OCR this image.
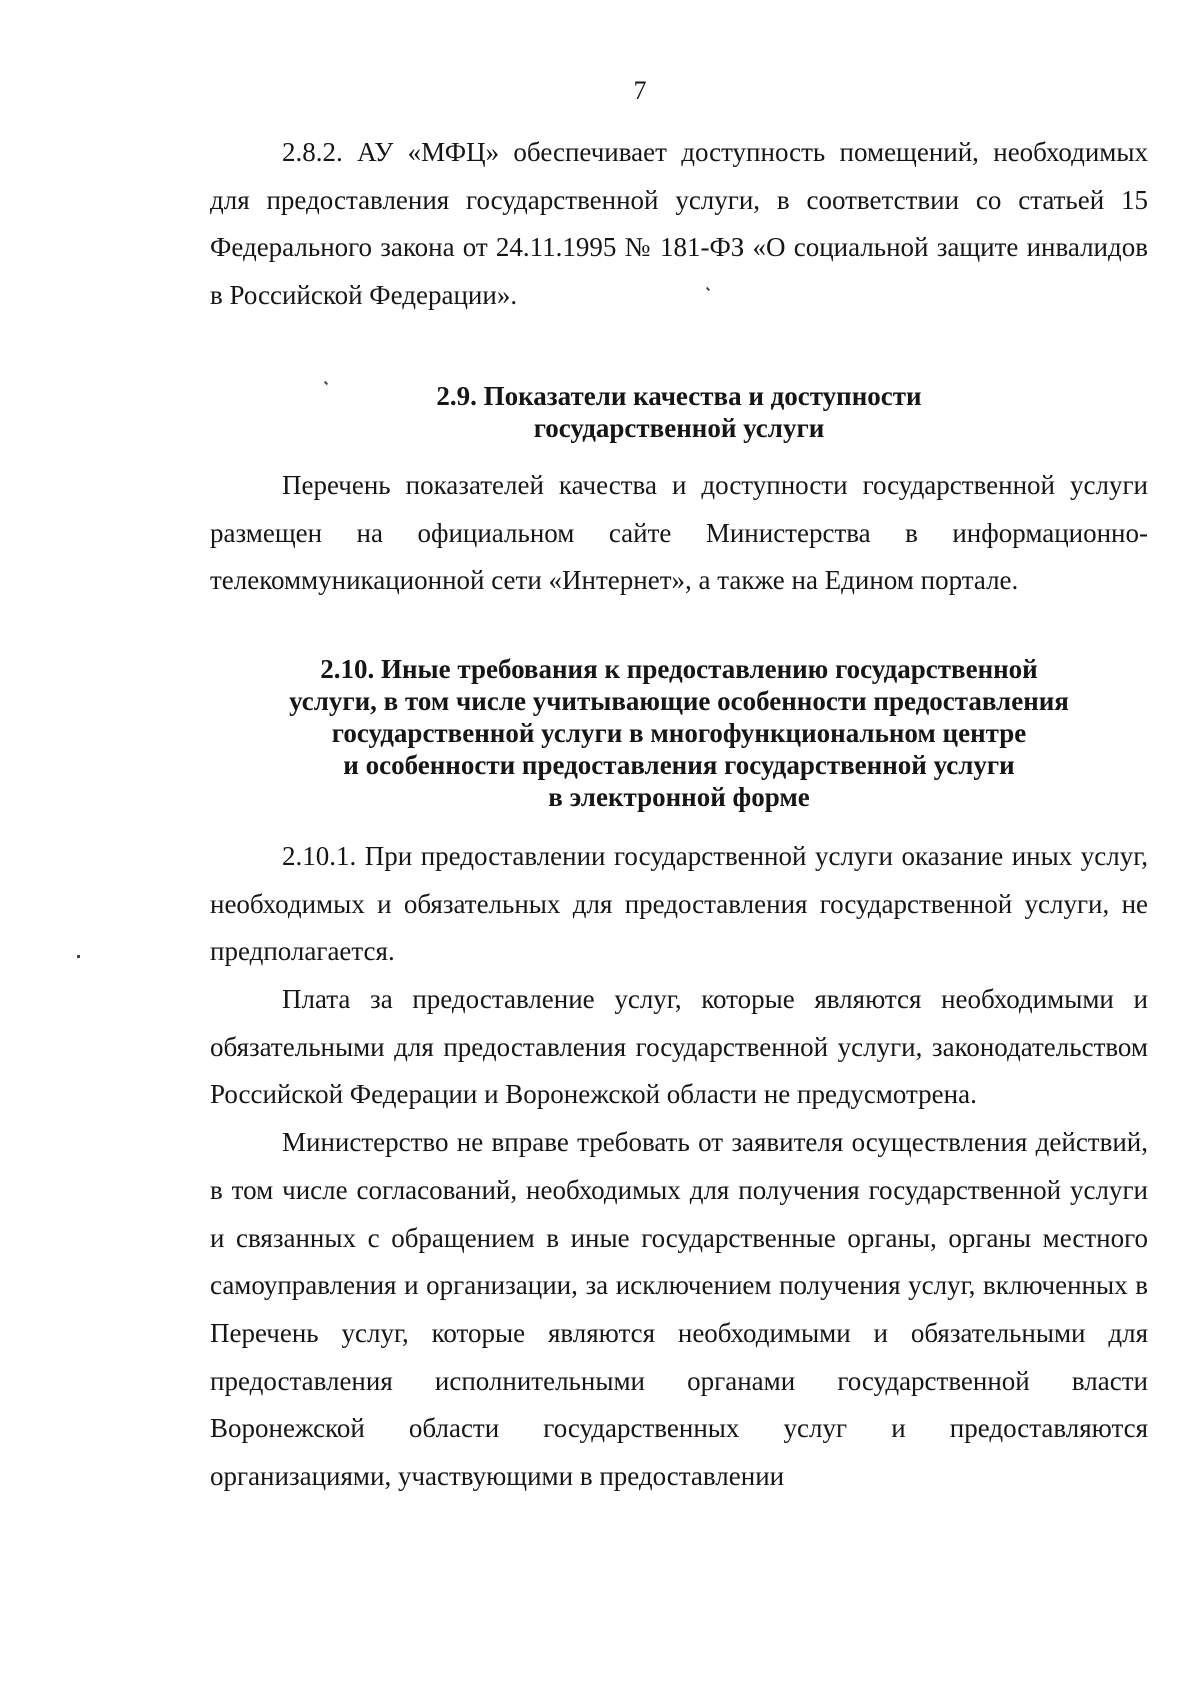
7

2.8.2. АУ «МФЦ» обеспечивает доступность помещений, необходимых для предоставления государственной услуги, в соответствии со статьей 15 Федерального закона от 24.11.1995 № 181-ФЗ «О социальной защите инвалидов в Российской Федерации».

2.9. Показатели качества и доступности
государственной услуги

Перечень показателей качества и доступности государственной услуги размещен на официальном сайте Министерства в информационно-телекоммуникационной сети «Интернет», а также на Едином портале.

2.10. Иные требования к предоставлению государственной
услуги, в том числе учитывающие особенности предоставления
государственной услуги в многофункциональном центре
и особенности предоставления государственной услуги
в электронной форме

2.10.1. При предоставлении государственной услуги оказание иных услуг, необходимых и обязательных для предоставления государственной услуги, не предполагается.

Плата за предоставление услуг, которые являются необходимыми и обязательными для предоставления государственной услуги, законодательством Российской Федерации и Воронежской области не предусмотрена.

Министерство не вправе требовать от заявителя осуществления действий, в том числе согласований, необходимых для получения государственной услуги и связанных с обращением в иные государственные органы, органы местного самоуправления и организации, за исключением получения услуг, включенных в Перечень услуг, которые являются необходимыми и обязательными для предоставления исполнительными органами государственной власти Воронежской области государственных услуг и предоставляются организациями, участвующими в предоставлении
